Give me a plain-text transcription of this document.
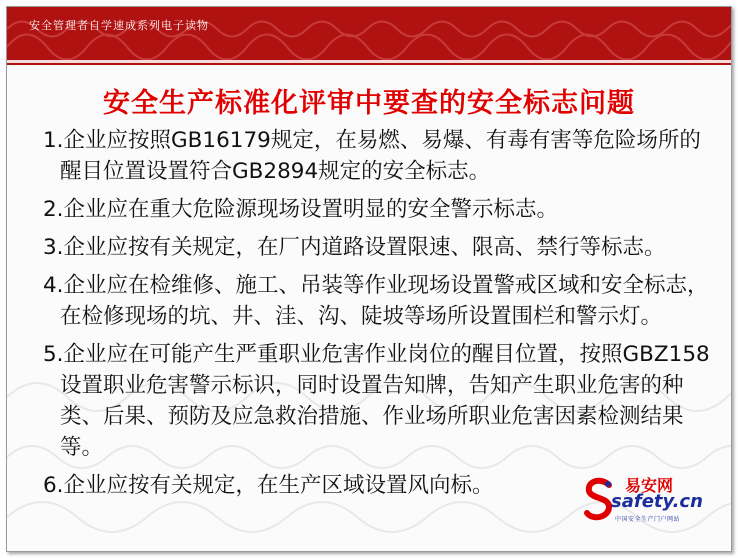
安全管理者自学速成系列电子读物
安全生产标准化评审中要查的安全标志问题
1.企业应按照GB16179规定，在易燃、易爆、有毒有害等危险场所的醒目位置设置符合GB2894规定的安全标志。
2.企业应在重大危险源现场设置明显的安全警示标志。
3.企业应按有关规定，在厂内道路设置限速、限高、禁行等标志。
4.企业应在检维修、施工、吊装等作业现场设置警戒区域和安全标志，在检修现场的坑、井、洼、沟、陡坡等场所设置围栏和警示灯。
5.企业应在可能产生严重职业危害作业岗位的醒目位置，按照GBZ158设置职业危害警示标识，同时设置告知牌，告知产生职业危害的种类、后果、预防及应急救治措施、作业场所职业危害因素检测结果等。
6.企业应按有关规定，在生产区域设置风向标。	易安网
safety.cn
中国安全生产门户网站
